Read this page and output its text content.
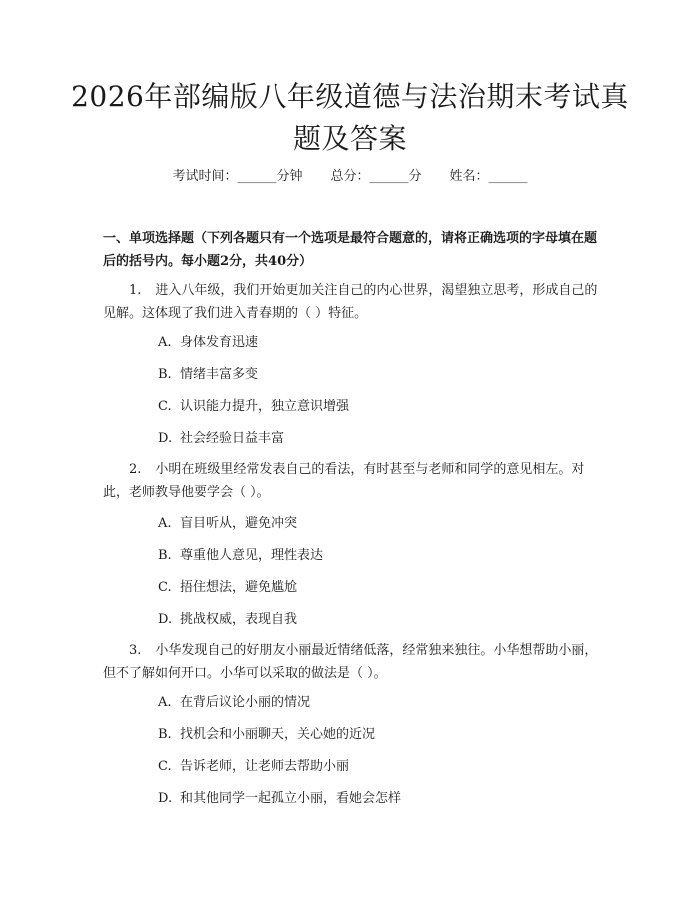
2026年部编版八年级道德与法治期末考试真题及答案
考试时间：______分钟 总分：______分 姓名：______
一、单项选择题（下列各题只有一个选项是最符合题意的，请将正确选项的字母填在题后的括号内。每小题2分，共40分）
1. 进入八年级，我们开始更加关注自己的内心世界，渴望独立思考，形成自己的见解。这体现了我们进入青春期的（ ）特征。
A. 身体发育迅速
B. 情绪丰富多变
C. 认识能力提升，独立意识增强
D. 社会经验日益丰富
2. 小明在班级里经常发表自己的看法，有时甚至与老师和同学的意见相左。对此，老师教导他要学会（ ）。
A. 盲目听从，避免冲突
B. 尊重他人意见，理性表达
C. 捂住想法，避免尴尬
D. 挑战权威，表现自我
3. 小华发现自己的好朋友小丽最近情绪低落，经常独来独往。小华想帮助小丽，但不了解如何开口。小华可以采取的做法是（ ）。
A. 在背后议论小丽的情况
B. 找机会和小丽聊天，关心她的近况
C. 告诉老师，让老师去帮助小丽
D. 和其他同学一起孤立小丽，看她会怎样
